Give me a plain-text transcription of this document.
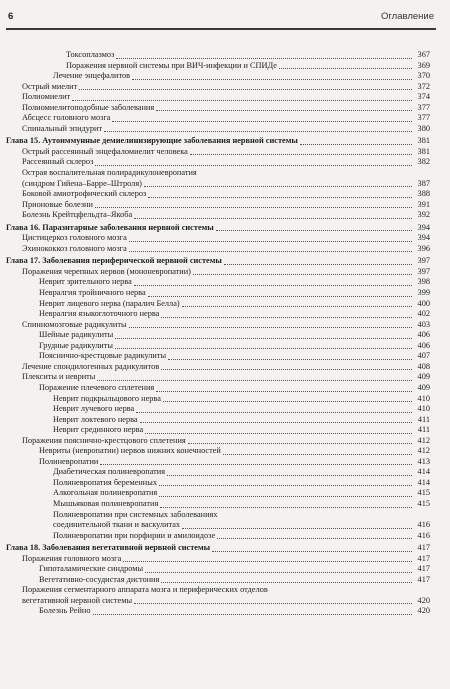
6	Оглавление
Токсоплазмоз	367
Поражения нервной системы при ВИЧ-инфекции и СПИДе	369
Лечение энцефалитов	370
Острый миелит	372
Полиомиелит	374
Полиомиелитоподобные заболевания	377
Абсцесс головного мозга	377
Спинальный эпидурит	380
Глава 15. Аутоиммунные демиелинизирующие заболевания нервной системы	381
Острый рассеянный энцефаломиелит человека	381
Рассеянный склероз	382
Острая воспалительная полирадикулоневропатия
(синдром Гийена–Барре–Штроля)	387
Боковой амиотрофический склероз	388
Прионовые болезни	391
Болезнь Крейтцфельдта–Якоба	392
Глава 16. Паразитарные заболевания нервной системы	394
Цистицеркоз головного мозга	394
Эхинококкоз головного мозга	396
Глава 17. Заболевания периферической нервной системы	397
Поражения черепных нервов (мононевропатии)	397
Неврит зрительного нерва	398
Невралгия тройничного нерва	399
Неврит лицевого нерва (паралич Белла)	400
Невралгия языкоглоточного нерва	402
Спинномозговые радикулиты	403
Шейные радикулиты	406
Грудные радикулиты	406
Пояснично-крестцовые радикулиты	407
Лечение спондилогенных радикулитов	408
Плекситы и невриты	409
Поражение плечевого сплетения	409
Неврит подкрыльцового нерва	410
Неврит лучевого нерва	410
Неврит локтевого нерва	411
Неврит срединного нерва	411
Поражения пояснично-крестцового сплетения	412
Невриты (невропатии) нервов нижних конечностей	412
Полиневропатии	413
Диабетическая полиневропатия	414
Полиневропатия беременных	414
Алкогольная полиневропатия	415
Мышьяковая полиневропатия	415
Полиневропатии при системных заболеваниях
соединительной ткани и васкулитах	416
Полиневропатии при порфирии и амилоидозе	416
Глава 18. Заболевания вегетативной нервной системы	417
Поражения головного мозга	417
Гипоталамические синдромы	417
Вегетативно-сосудистая дистония	417
Поражения сегментарного аппарата мозга и периферических отделов
вегетативной нервной системы	420
Болезнь Рейно	420
